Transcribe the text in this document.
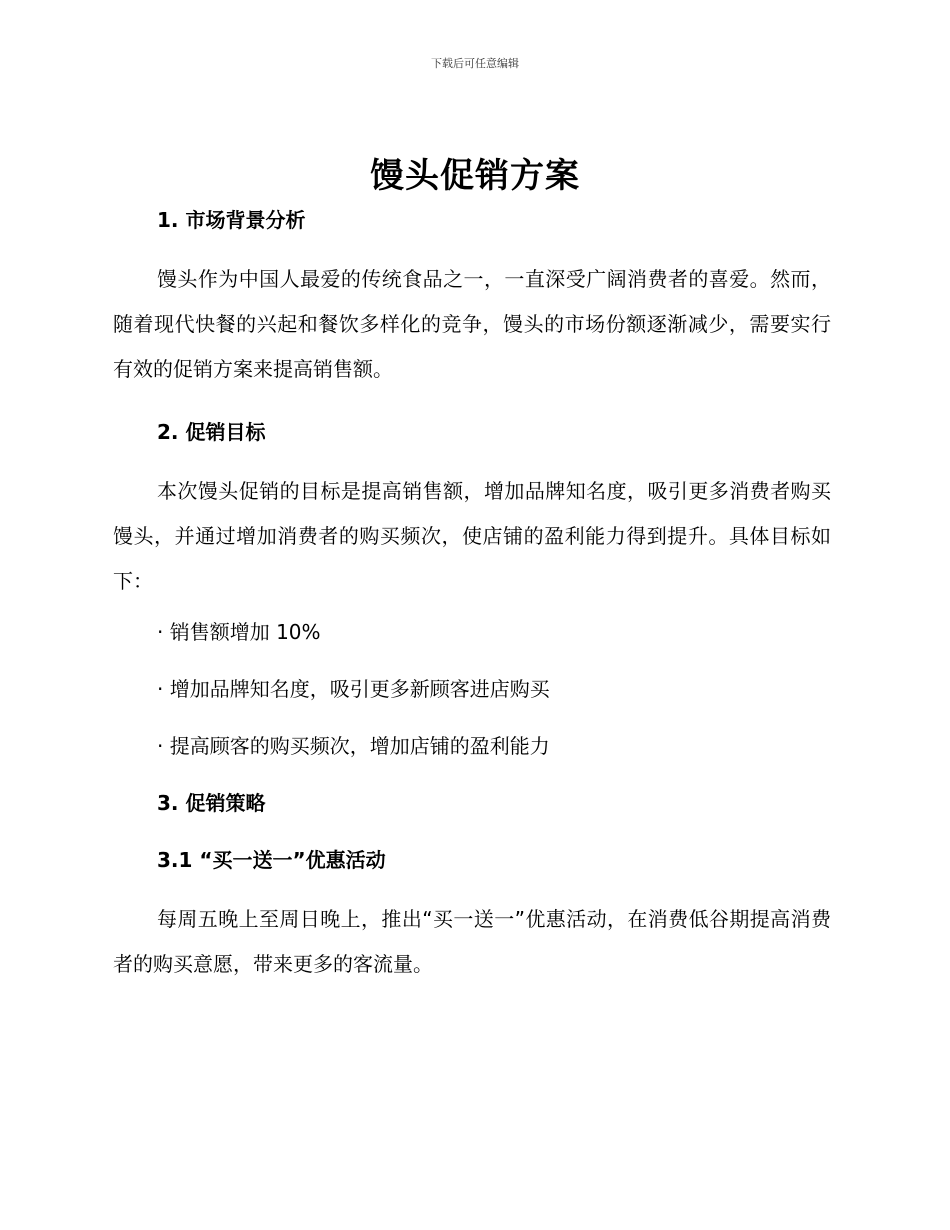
下载后可任意编辑
馒头促销方案
1. 市场背景分析

馒头作为中国人最爱的传统食品之一，一直深受广阔消费者的喜爱。然而，随着现代快餐的兴起和餐饮多样化的竞争，馒头的市场份额逐渐减少，需要实行有效的促销方案来提高销售额。

2. 促销目标

本次馒头促销的目标是提高销售额，增加品牌知名度，吸引更多消费者购买馒头，并通过增加消费者的购买频次，使店铺的盈利能力得到提升。具体目标如下：

· 销售额增加 10%
· 增加品牌知名度，吸引更多新顾客进店购买
· 提高顾客的购买频次，增加店铺的盈利能力
3. 促销策略
3.1 “买一送一”优惠活动

每周五晚上至周日晚上，推出“买一送一”优惠活动，在消费低谷期提高消费者的购买意愿，带来更多的客流量。
